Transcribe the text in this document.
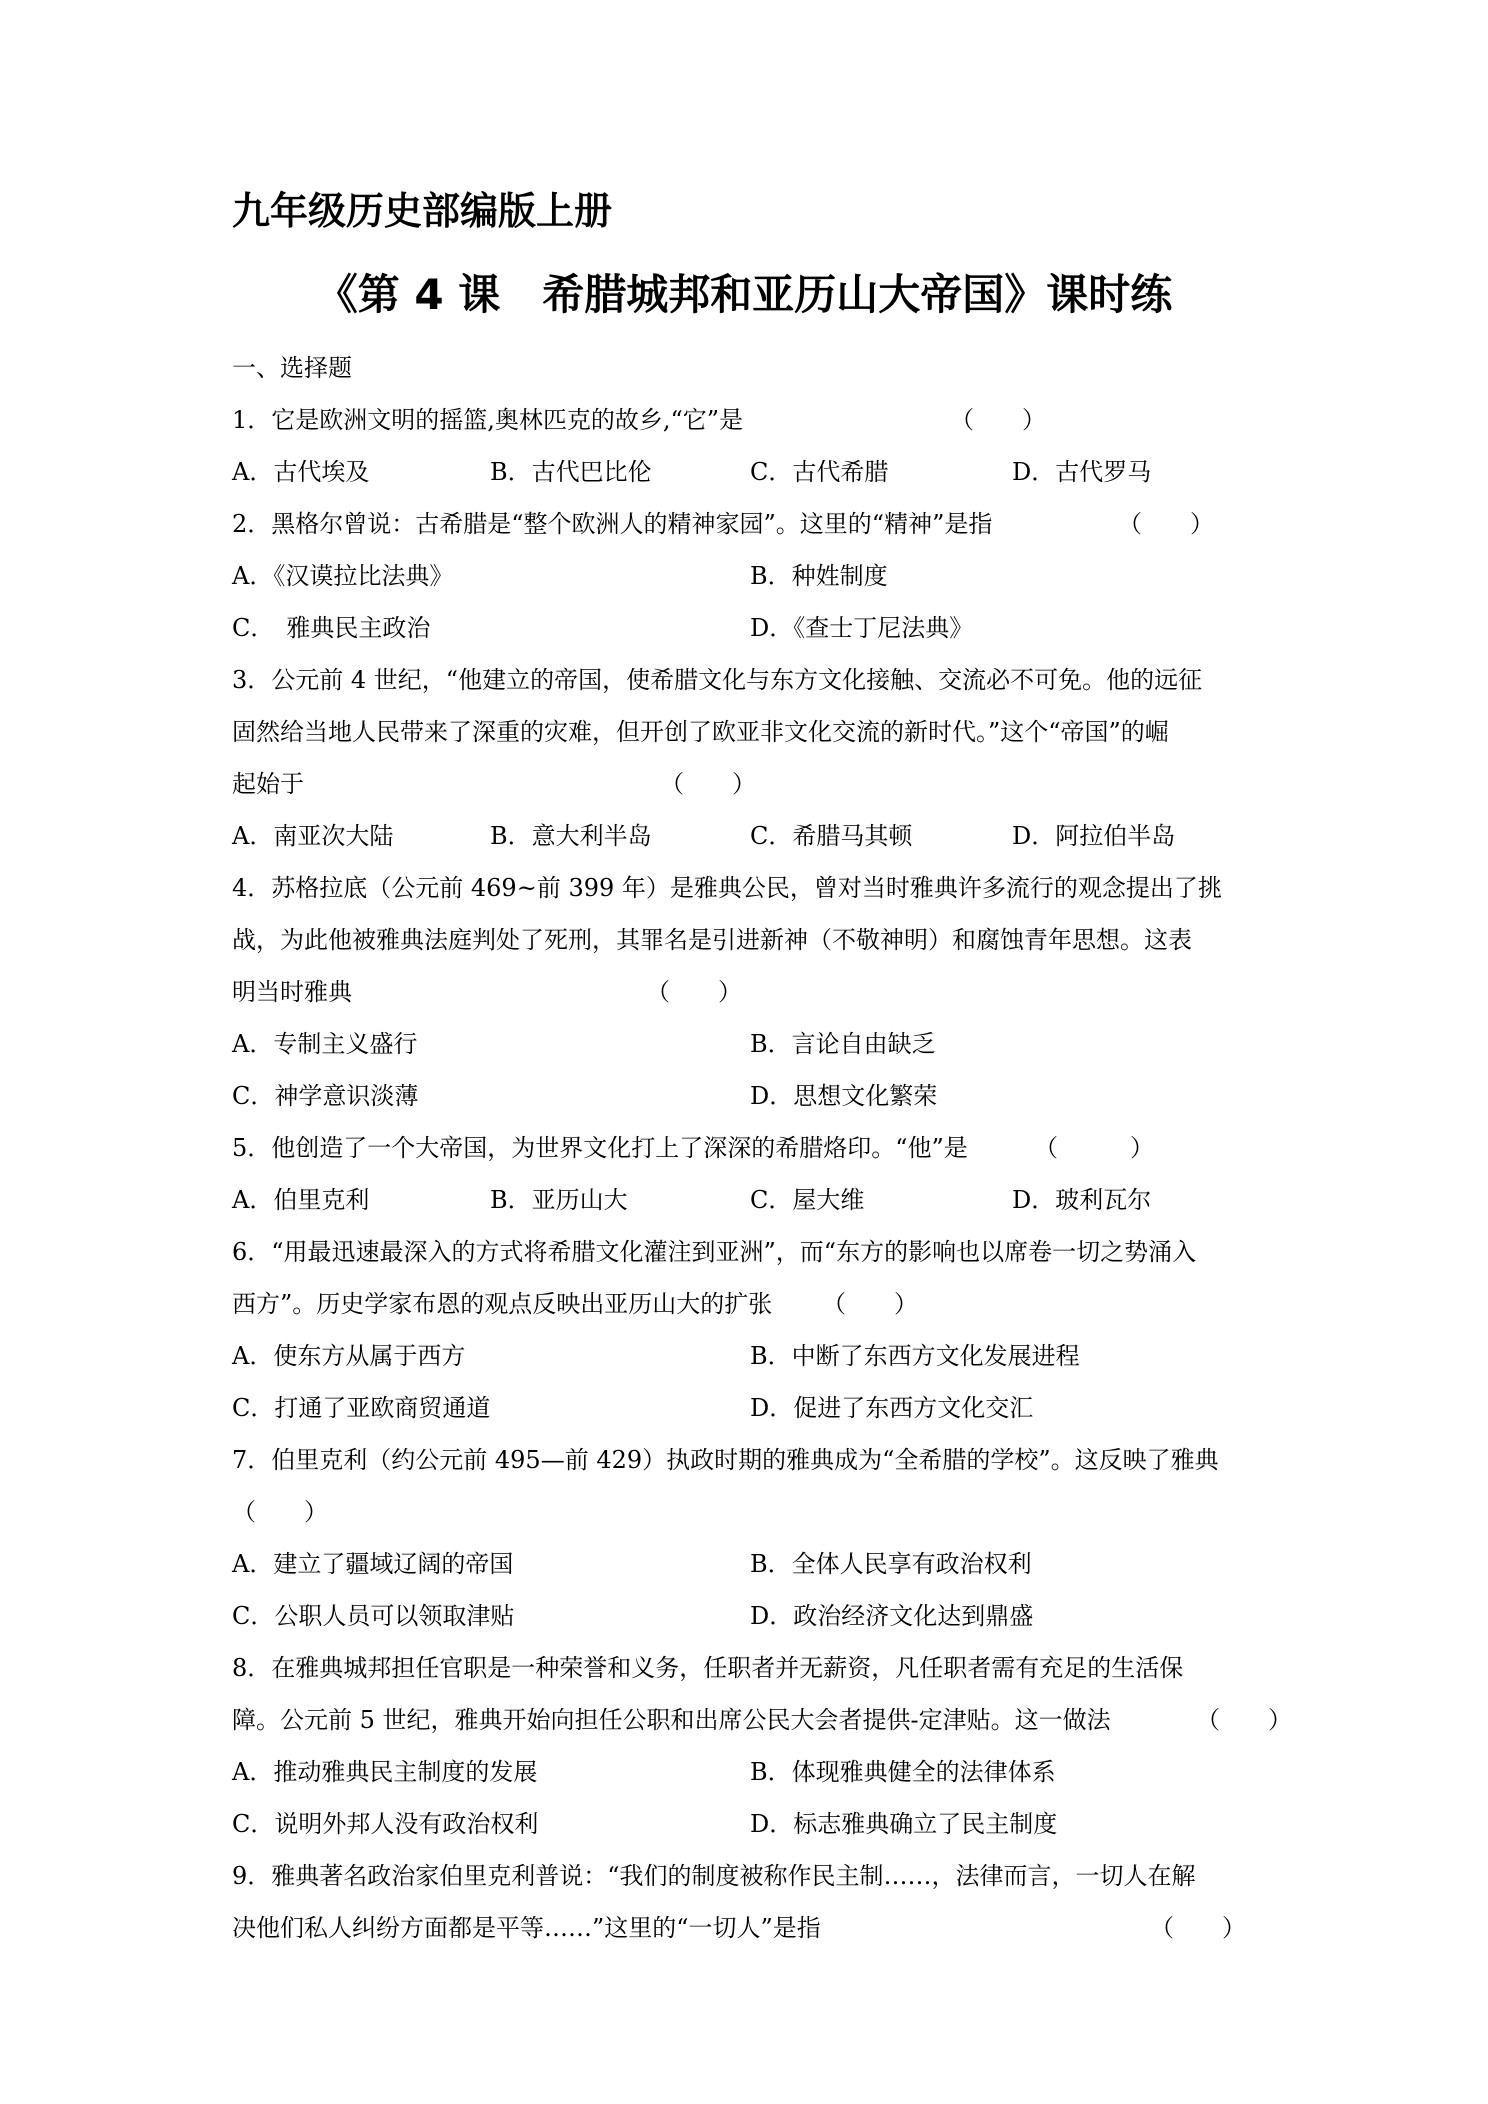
九年级历史部编版上册
《第 4 课　希腊城邦和亚历山大帝国》课时练
一、选择题
1．它是欧洲文明的摇篮,奥林匹克的故乡,“它”是	（　　）
A．古代埃及	B．古代巴比伦	C．古代希腊	D．古代罗马
2．黑格尔曾说：古希腊是“整个欧洲人的精神家园”。这里的“精神”是指	（　　）
A．《汉谟拉比法典》	B．种姓制度
C．　雅典民主政治	D．《查士丁尼法典》
3．公元前 4 世纪，“他建立的帝国，使希腊文化与东方文化接触、交流必不可免。他的远征
固然给当地人民带来了深重的灾难，但开创了欧亚非文化交流的新时代。”这个“帝国”的崛
起始于	（　　）
A．南亚次大陆	B．意大利半岛	C．希腊马其顿	D．阿拉伯半岛
4．苏格拉底（公元前 469~前 399 年）是雅典公民，曾对当时雅典许多流行的观念提出了挑
战，为此他被雅典法庭判处了死刑，其罪名是引进新神（不敬神明）和腐蚀青年思想。这表
明当时雅典	（　　）
A．专制主义盛行	B．言论自由缺乏
C．神学意识淡薄	D．思想文化繁荣
5．他创造了一个大帝国，为世界文化打上了深深的希腊烙印。“他”是	（　　　）
A．伯里克利	B．亚历山大	C．屋大维	D．玻利瓦尔
6．“用最迅速最深入的方式将希腊文化灌注到亚洲”，而“东方的影响也以席卷一切之势涌入
西方”。历史学家布恩的观点反映出亚历山大的扩张 （　　）
A．使东方从属于西方	B．中断了东西方文化发展进程
C．打通了亚欧商贸通道	D．促进了东西方文化交汇
7．伯里克利（约公元前 495—前 429）执政时期的雅典成为“全希腊的学校”。这反映了雅典
（　　）
A．建立了疆域辽阔的帝国	B．全体人民享有政治权利
C．公职人员可以领取津贴	D．政治经济文化达到鼎盛
8．在雅典城邦担任官职是一种荣誉和义务，任职者并无薪资，凡任职者需有充足的生活保
障。公元前 5 世纪，雅典开始向担任公职和出席公民大会者提供-定津贴。这一做法	（　　）
A．推动雅典民主制度的发展	B．体现雅典健全的法律体系
C．说明外邦人没有政治权利	D．标志雅典确立了民主制度
9．雅典著名政治家伯里克利普说：“我们的制度被称作民主制……，法律而言，一切人在解
决他们私人纠纷方面都是平等……”这里的“一切人”是指	（　　）
